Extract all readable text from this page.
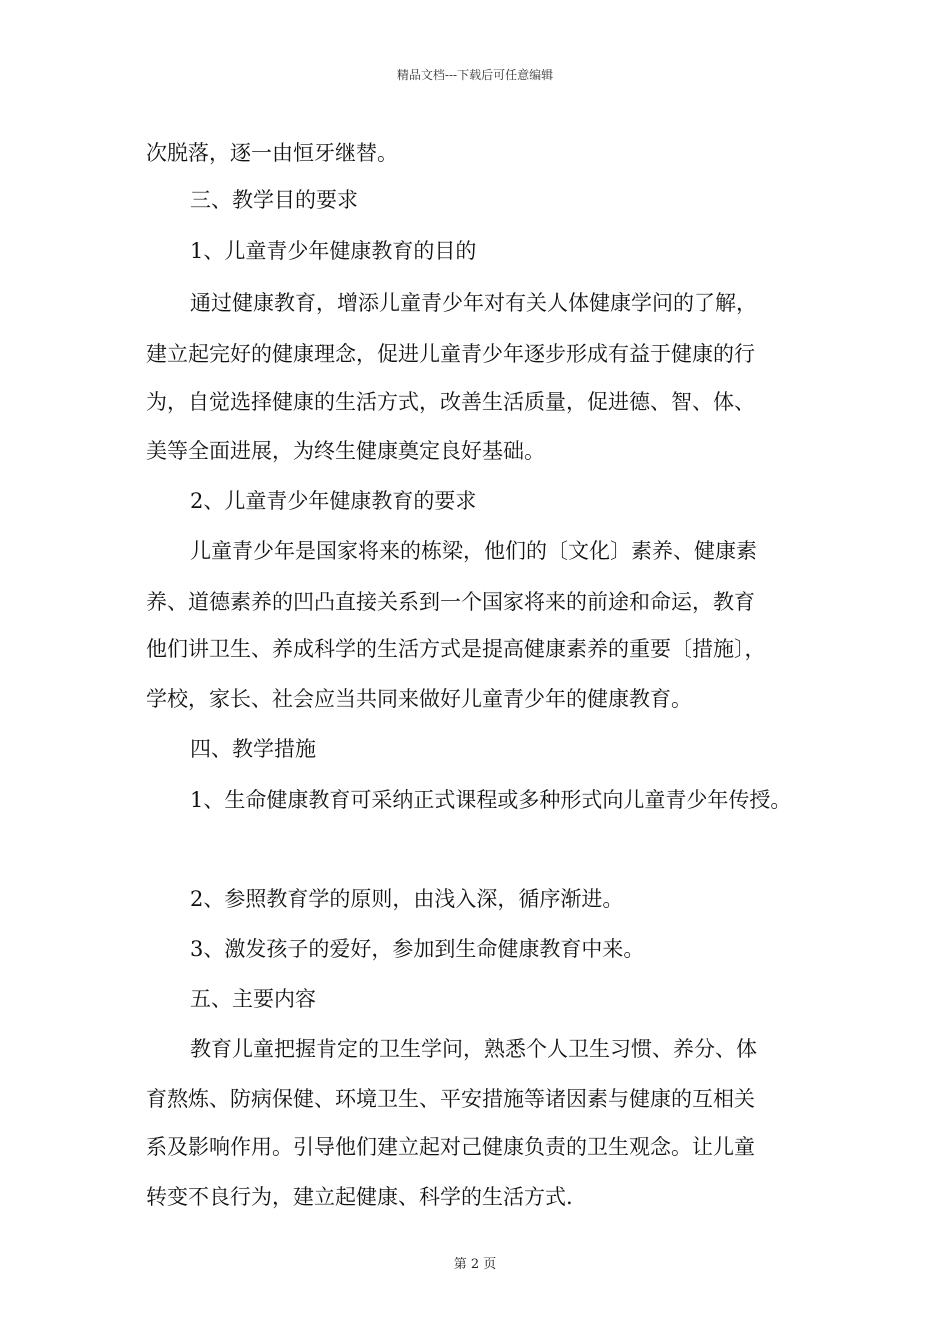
精品文档---下载后可任意编辑
次脱落，逐一由恒牙继替。
三、教学目的要求
1、儿童青少年健康教育的目的
通过健康教育，增添儿童青少年对有关人体健康学问的了解，
建立起完好的健康理念，促进儿童青少年逐步形成有益于健康的行
为，自觉选择健康的生活方式，改善生活质量，促进德、智、体、
美等全面进展，为终生健康奠定良好基础。
2、儿童青少年健康教育的要求
儿童青少年是国家将来的栋梁，他们的〔文化〕素养、健康素
养、道德素养的凹凸直接关系到一个国家将来的前途和命运，教育
他们讲卫生、养成科学的生活方式是提高健康素养的重要〔措施〕，
学校，家长、社会应当共同来做好儿童青少年的健康教育。
四、教学措施
1、生命健康教育可采纳正式课程或多种形式向儿童青少年传授。
2、参照教育学的原则，由浅入深，循序渐进。
3、激发孩子的爱好，参加到生命健康教育中来。
五、主要内容
教育儿童把握肯定的卫生学问，熟悉个人卫生习惯、养分、体
育熬炼、防病保健、环境卫生、平安措施等诸因素与健康的互相关
系及影响作用。引导他们建立起对己健康负责的卫生观念。让儿童
转变不良行为，建立起健康、科学的生活方式.
第 2 页
